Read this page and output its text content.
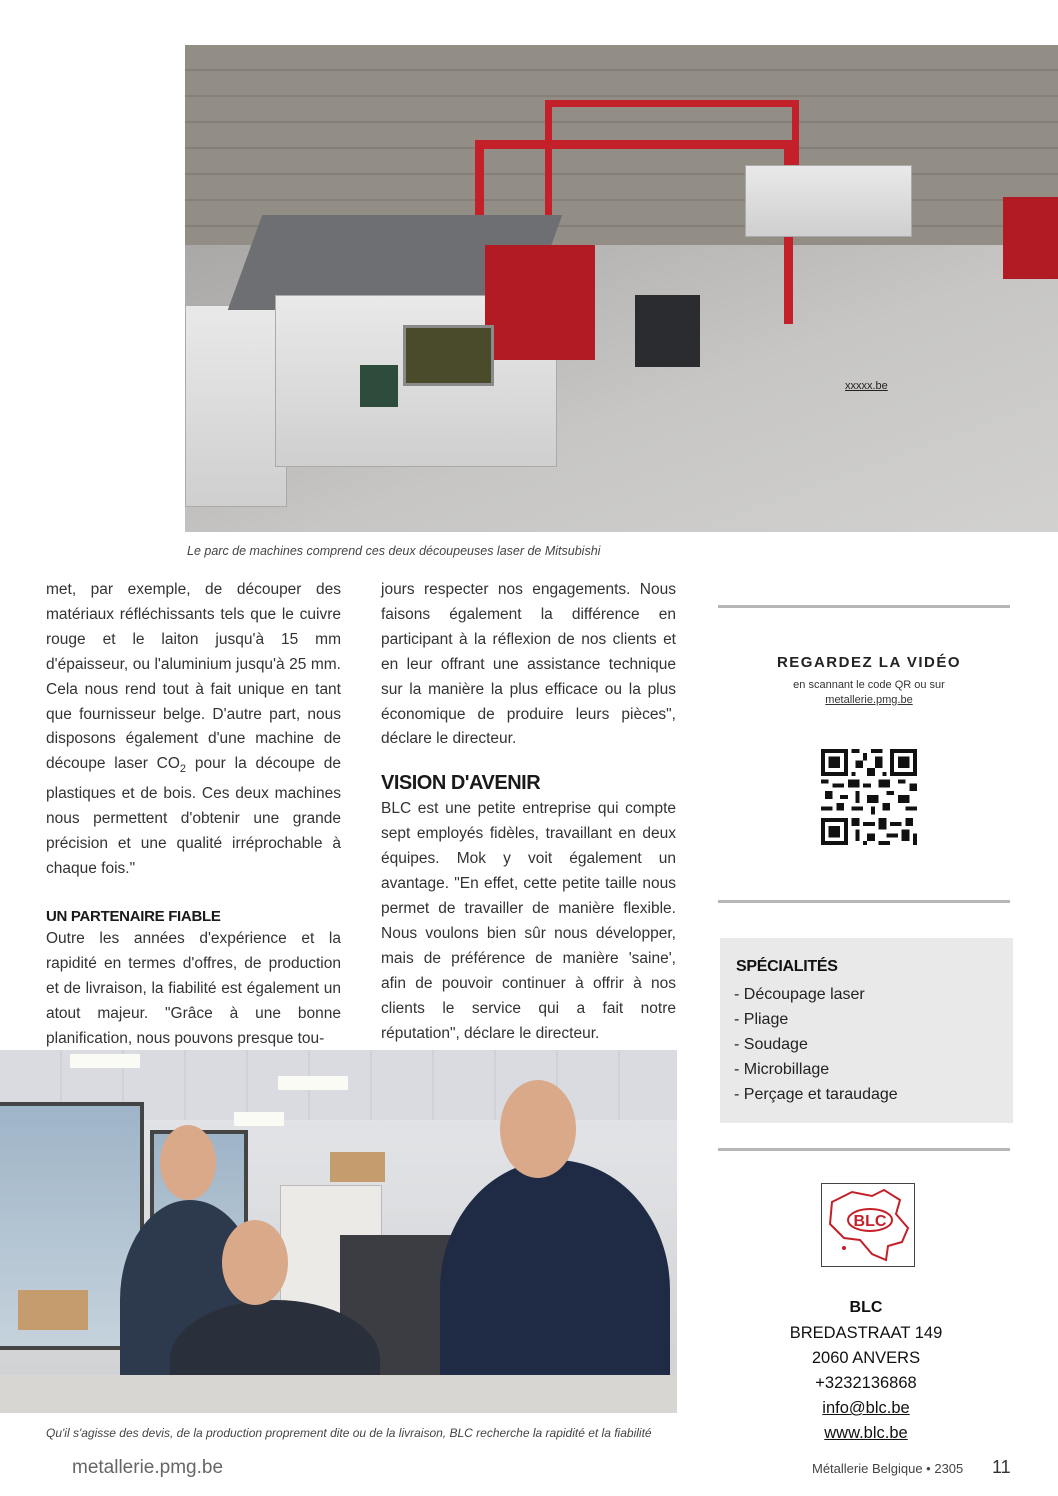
xxxxx.be
Le parc de machines comprend ces deux découpeuses laser de Mitsubishi

met, par exemple, de découper des matériaux réfléchissants tels que le cuivre rouge et le laiton jusqu'à 15 mm d'épaisseur, ou l'aluminium jusqu'à 25 mm. Cela nous rend tout à fait unique en tant que fournisseur belge. D'autre part, nous disposons également d'une machine de découpe laser $CO_2$ pour la découpe de plastiques et de bois. Ces deux machines nous permettent d'obtenir une grande précision et une qualité irréprochable à chaque fois."

UN PARTENAIRE FIABLE

Outre les années d'expérience et la rapidité en termes d'offres, de production et de livraison, la fiabilité est également un atout majeur. "Grâce à une bonne planification, nous pouvons presque tou-

jours respecter nos engagements. Nous faisons également la différence en participant à la réflexion de nos clients et en leur offrant une assistance technique sur la manière la plus efficace ou la plus économique de produire leurs pièces", déclare le directeur.

VISION D'AVENIR

BLC est une petite entreprise qui compte sept employés fidèles, travaillant en deux équipes. Mok y voit également un avantage. "En effet, cette petite taille nous permet de travailler de manière flexible. Nous voulons bien sûr nous développer, mais de préférence de manière 'saine', afin de pouvoir continuer à offrir à nos clients le service qui a fait notre réputation", déclare le directeur.

REGARDEZ LA VIDÉO
en scannant le code QR ou sur
metallerie.pmg.be
SPÉCIALITÉS
- Découpage laser
- Pliage
- Soudage
- Microbillage
- Perçage et taraudage
BLC
BLC
BREDASTRAAT 149
2060 ANVERS
+3232136868
info@blc.be
www.blc.be
Qu'il s'agisse des devis, de la production proprement dite ou de la livraison, BLC recherche la rapidité et la fiabilité
metallerie.pmg.be	Métallerie Belgique • 2305 11
